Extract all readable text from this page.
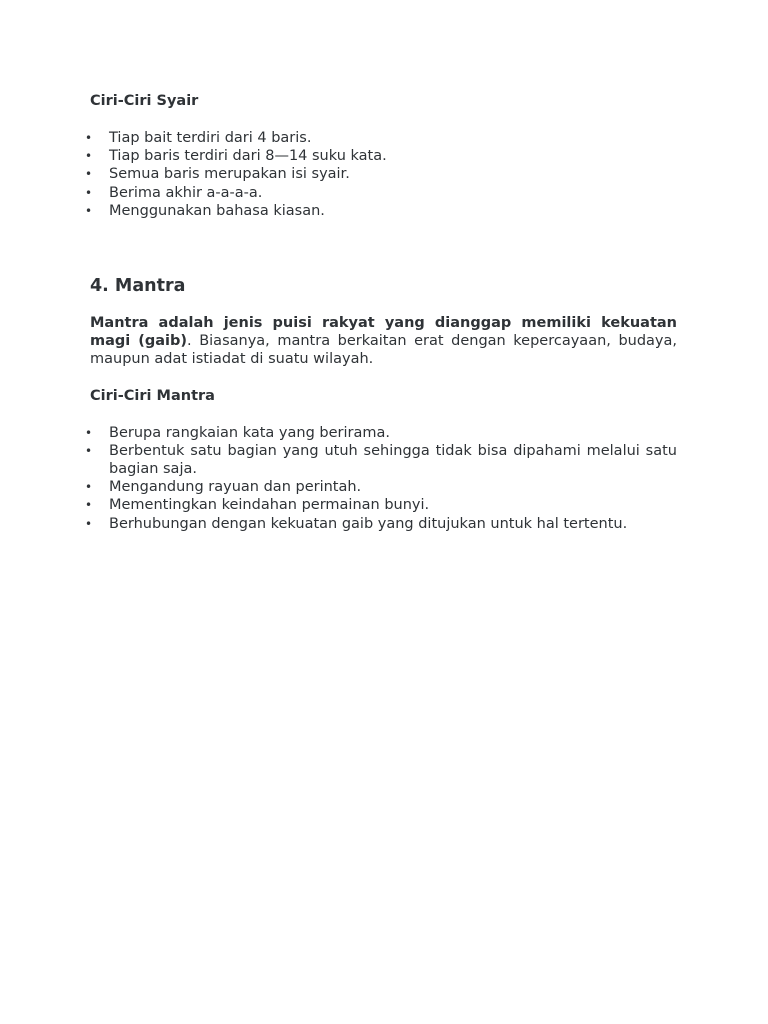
Ciri-Ciri Syair

• Tiap bait terdiri dari 4 baris.
• Tiap baris terdiri dari 8—14 suku kata.
• Semua baris merupakan isi syair.
• Berima akhir a-a-a-a.
• Menggunakan bahasa kiasan.
4. Mantra

Mantra adalah jenis puisi rakyat yang dianggap memiliki kekuatan magi (gaib). Biasanya, mantra berkaitan erat dengan kepercayaan, budaya, maupun adat istiadat di suatu wilayah.

Ciri-Ciri Mantra

• Berupa rangkaian kata yang berirama.
• Berbentuk satu bagian yang utuh sehingga tidak bisa dipahami melalui satu bagian saja.
• Mengandung rayuan dan perintah.
• Mementingkan keindahan permainan bunyi.
• Berhubungan dengan kekuatan gaib yang ditujukan untuk hal tertentu.
